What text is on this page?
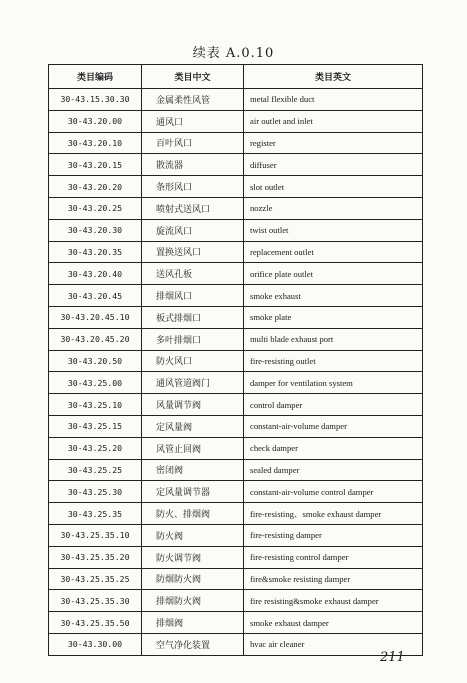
续表 A.0.10
类目编码	类目中文	类目英文
30-43.15.30.30	金属柔性风管	metal flexible duct
30-43.20.00	通风口	air outlet and inlet
30-43.20.10	百叶风口	register
30-43.20.15	散流器	diffuser
30-43.20.20	条形风口	slot outlet
30-43.20.25	喷射式送风口	nozzle
30-43.20.30	旋流风口	twist outlet
30-43.20.35	置换送风口	replacement outlet
30-43.20.40	送风孔板	orifice plate outlet
30-43.20.45	排烟风口	smoke exhaust
30-43.20.45.10	板式排烟口	smoke plate
30-43.20.45.20	多叶排烟口	multi blade exhaust port
30-43.20.50	防火风口	fire-resisting outlet
30-43.25.00	通风管道阀门	damper for ventilation system
30-43.25.10	风量调节阀	control damper
30-43.25.15	定风量阀	constant-air-volume damper
30-43.25.20	风管止回阀	check damper
30-43.25.25	密闭阀	sealed damper
30-43.25.30	定风量调节器	constant-air-volume control damper
30-43.25.35	防火、排烟阀	fire-resisting、smoke exhaust damper
30-43.25.35.10	防火阀	fire-resisting damper
30-43.25.35.20	防火调节阀	fire-resisting control damper
30-43.25.35.25	防烟防火阀	fire&smoke resisting damper
30-43.25.35.30	排烟防火阀	fire resisting&smoke exhaust damper
30-43.25.35.50	排烟阀	smoke exhaust damper
30-43.30.00	空气净化装置	hvac air cleaner
211
